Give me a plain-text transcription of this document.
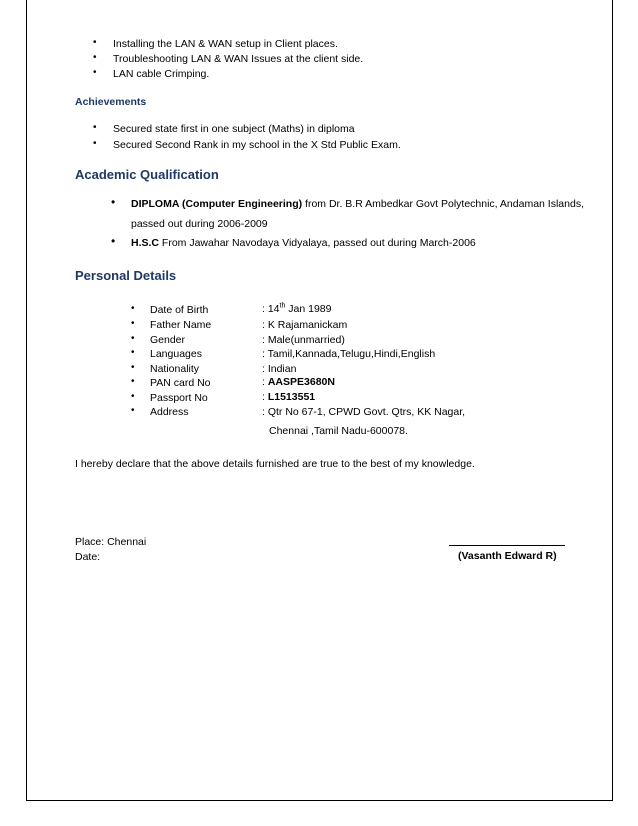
• Installing the LAN & WAN setup in Client places.
• Troubleshooting LAN & WAN Issues at the client side.
• LAN cable Crimping.
Achievements
• Secured state first in one subject (Maths) in diploma
• Secured Second Rank in my school in the X Std Public Exam.
Academic Qualification
• DIPLOMA (Computer Engineering) from Dr. B.R Ambedkar Govt Polytechnic, Andaman Islands,
passed out during 2006-2009
• H.S.C From Jawahar Navodaya Vidyalaya, passed out during March-2006
Personal Details
• Date of Birth	: 14th Jan 1989
• Father Name	: K Rajamanickam
• Gender	: Male(unmarried)
• Languages	: Tamil,Kannada,Telugu,Hindi,English
• Nationality	: Indian
• PAN card No	: AASPE3680N
• Passport No	: L1513551
• Address	: Qtr No 67-1, CPWD Govt. Qtrs, KK Nagar,
Chennai ,Tamil Nadu-600078.
I hereby declare that the above details furnished are true to the best of my knowledge.
Place: Chennai
Date:	(Vasanth Edward R)
